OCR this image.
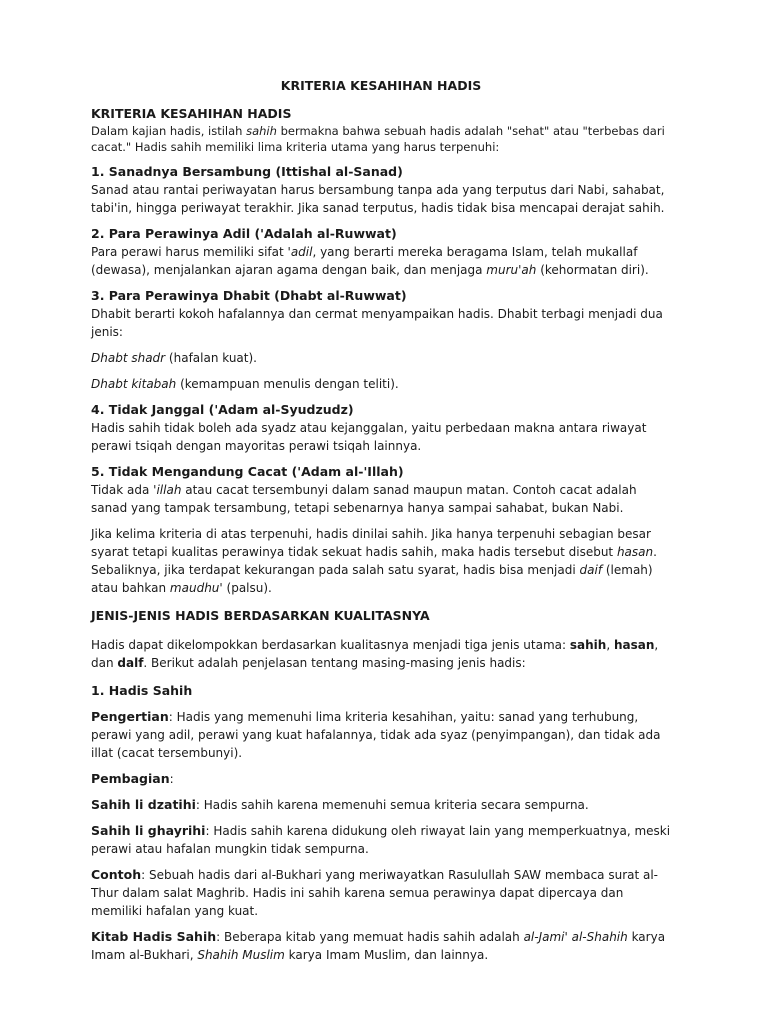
KRITERIA KESAHIHAN HADIS
KRITERIA KESAHIHAN HADIS
Dalam kajian hadis, istilah sahih bermakna bahwa sebuah hadis adalah "sehat" atau "terbebas dari cacat." Hadis sahih memiliki lima kriteria utama yang harus terpenuhi:
1. Sanadnya Bersambung (Ittishal al-Sanad)
Sanad atau rantai periwayatan harus bersambung tanpa ada yang terputus dari Nabi, sahabat, tabi'in, hingga periwayat terakhir. Jika sanad terputus, hadis tidak bisa mencapai derajat sahih.
2. Para Perawinya Adil ('Adalah al-Ruwwat)
Para perawi harus memiliki sifat 'adil, yang berarti mereka beragama Islam, telah mukallaf (dewasa), menjalankan ajaran agama dengan baik, dan menjaga muru'ah (kehormatan diri).
3. Para Perawinya Dhabit (Dhabt al-Ruwwat)
Dhabit berarti kokoh hafalannya dan cermat menyampaikan hadis. Dhabit terbagi menjadi dua jenis:
Dhabt shadr (hafalan kuat).
Dhabt kitabah (kemampuan menulis dengan teliti).
4. Tidak Janggal ('Adam al-Syudzudz)
Hadis sahih tidak boleh ada syadz atau kejanggalan, yaitu perbedaan makna antara riwayat perawi tsiqah dengan mayoritas perawi tsiqah lainnya.
5. Tidak Mengandung Cacat ('Adam al-'Illah)
Tidak ada 'illah atau cacat tersembunyi dalam sanad maupun matan. Contoh cacat adalah sanad yang tampak tersambung, tetapi sebenarnya hanya sampai sahabat, bukan Nabi.
Jika kelima kriteria di atas terpenuhi, hadis dinilai sahih. Jika hanya terpenuhi sebagian besar syarat tetapi kualitas perawinya tidak sekuat hadis sahih, maka hadis tersebut disebut hasan. Sebaliknya, jika terdapat kekurangan pada salah satu syarat, hadis bisa menjadi daif (lemah) atau bahkan maudhu' (palsu).
JENIS-JENIS HADIS BERDASARKAN KUALITASNYA
Hadis dapat dikelompokkan berdasarkan kualitasnya menjadi tiga jenis utama: sahih, hasan, dan dalf. Berikut adalah penjelasan tentang masing-masing jenis hadis:
1. Hadis Sahih
Pengertian: Hadis yang memenuhi lima kriteria kesahihan, yaitu: sanad yang terhubung, perawi yang adil, perawi yang kuat hafalannya, tidak ada syaz (penyimpangan), dan tidak ada illat (cacat tersembunyi).
Pembagian:
Sahih li dzatihi: Hadis sahih karena memenuhi semua kriteria secara sempurna.
Sahih li ghayrihi: Hadis sahih karena didukung oleh riwayat lain yang memperkuatnya, meski perawi atau hafalan mungkin tidak sempurna.
Contoh: Sebuah hadis dari al-Bukhari yang meriwayatkan Rasulullah SAW membaca surat al-Thur dalam salat Maghrib. Hadis ini sahih karena semua perawinya dapat dipercaya dan memiliki hafalan yang kuat.
Kitab Hadis Sahih: Beberapa kitab yang memuat hadis sahih adalah al-Jami' al-Shahih karya Imam al-Bukhari, Shahih Muslim karya Imam Muslim, dan lainnya.
